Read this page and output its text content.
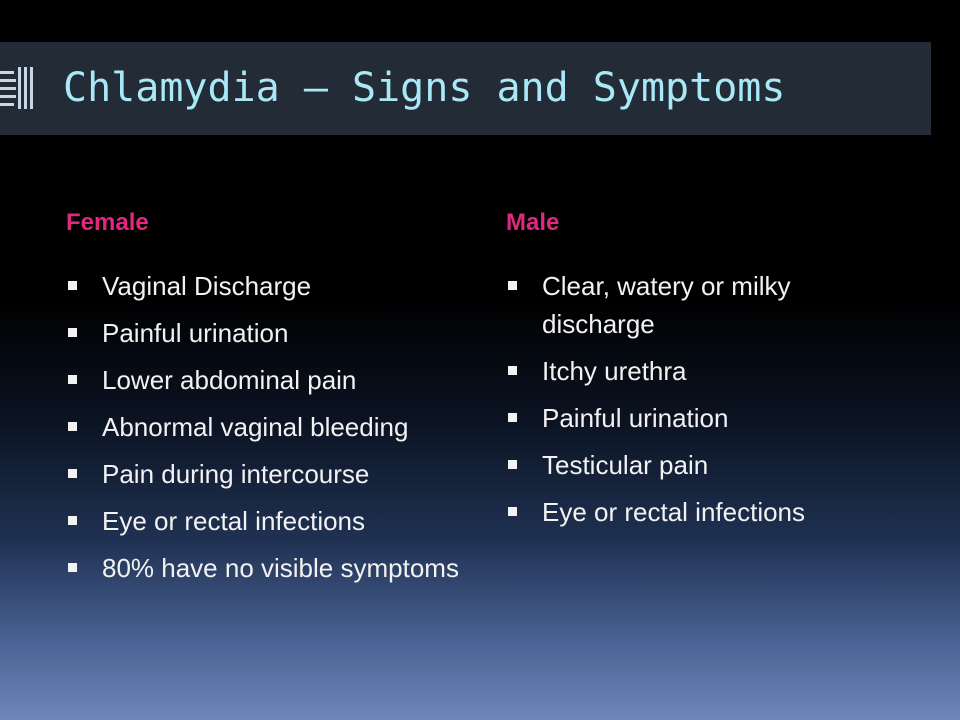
Chlamydia – Signs and Symptoms
Female
Vaginal Discharge
Painful urination
Lower abdominal pain
Abnormal vaginal bleeding
Pain during intercourse
Eye or rectal infections
80% have no visible symptoms
Male
Clear, watery or milky discharge
Itchy urethra
Painful urination
Testicular pain
Eye or rectal infections
